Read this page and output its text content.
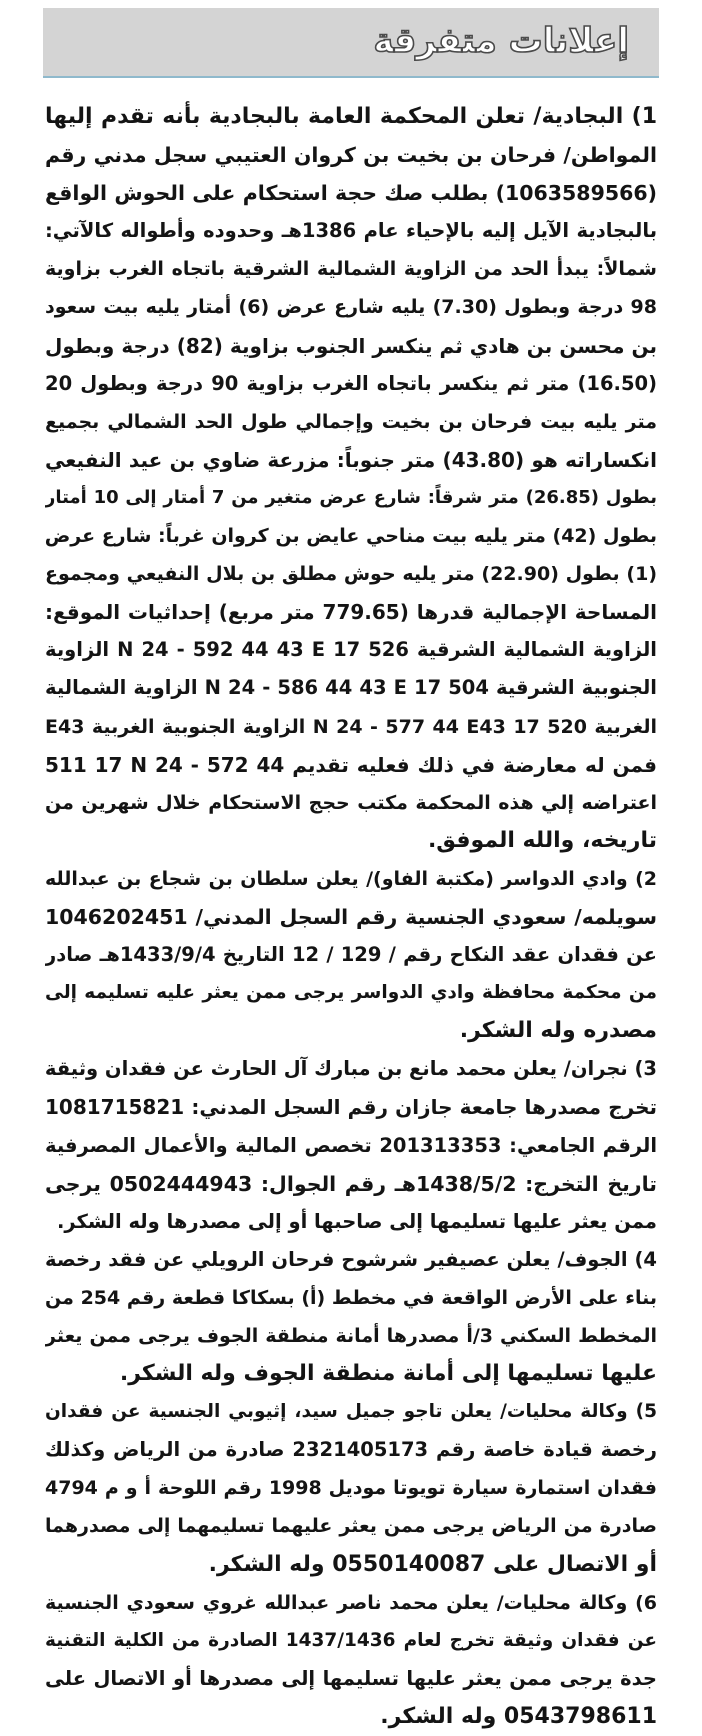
إعلانات متفرقة
1) البجادية/ تعلن المحكمة العامة بالبجادية بأنه تقدم إليها
المواطن/ فرحان بن بخيت بن كروان العتيبي سجل مدني رقم
(1063589566) بطلب صك حجة استحكام على الحوش الواقع
بالبجادية الآيل إليه بالإحياء عام 1386هـ وحدوده وأطواله كالآتي:
شمالاً: يبدأ الحد من الزاوية الشمالية الشرقية باتجاه الغرب بزاوية
98 درجة وبطول (7.30) يليه شارع عرض (6) أمتار يليه بيت سعود
بن محسن بن هادي ثم ينكسر الجنوب بزاوية (82) درجة وبطول
(16.50) متر ثم ينكسر باتجاه الغرب بزاوية 90 درجة وبطول 20
متر يليه بيت فرحان بن بخيت وإجمالي طول الحد الشمالي بجميع
انكساراته هو (43.80) متر جنوباً: مزرعة ضاوي بن عيد النفيعي
بطول (26.85) متر شرقاً: شارع عرض متغير من 7 أمتار إلى 10 أمتار
بطول (42) متر يليه بيت مناحي عايض بن كروان غرباً: شارع عرض
(1) بطول (22.90) متر يليه حوش مطلق بن بلال النفيعي ومجموع
المساحة الإجمالية قدرها (779.65 متر مربع) إحداثيات الموقع:
الزاوية الشمالية الشرقية 526 17 N 24 - 592 44 43 E الزاوية
الجنوبية الشرقية 504 17 N 24 - 586 44 43 E الزاوية الشمالية
الغربية 520 17 N 24 - 577 44 E43 الزاوية الجنوبية الغربية E43
511 17 N 24 - 572 44 فمن له معارضة في ذلك فعليه تقديم
اعتراضه إلي هذه المحكمة مكتب حجج الاستحكام خلال شهرين من
تاريخه، والله الموفق.
2) وادي الدواسر (مكتبة الفاو)/ يعلن سلطان بن شجاع بن عبدالله
سويلمه/ سعودي الجنسية رقم السجل المدني/ 1046202451
عن فقدان عقد النكاح رقم / 129 / 12 التاريخ 1433/9/4هـ صادر
من محكمة محافظة وادي الدواسر يرجى ممن يعثر عليه تسليمه إلى
مصدره وله الشكر.
3) نجران/ يعلن محمد مانع بن مبارك آل الحارث عن فقدان وثيقة
تخرج مصدرها جامعة جازان رقم السجل المدني: 1081715821
الرقم الجامعي: 201313353 تخصص المالية والأعمال المصرفية
تاريخ التخرج: 1438/5/2هـ رقم الجوال: 0502444943 يرجى
ممن يعثر عليها تسليمها إلى صاحبها أو إلى مصدرها وله الشكر.
4) الجوف/ يعلن عصيفير شرشوح فرحان الرويلي عن فقد رخصة
بناء على الأرض الواقعة في مخطط (أ) بسكاكا قطعة رقم 254 من
المخطط السكني 3/أ مصدرها أمانة منطقة الجوف يرجى ممن يعثر
عليها تسليمها إلى أمانة منطقة الجوف وله الشكر.
5) وكالة محليات/ يعلن تاجو جميل سيد، إثيوبي الجنسية عن فقدان
رخصة قيادة خاصة رقم 2321405173 صادرة من الرياض وكذلك
فقدان استمارة سيارة تويوتا موديل 1998 رقم اللوحة أ و م 4794
صادرة من الرياض يرجى ممن يعثر عليهما تسليمهما إلى مصدرهما
أو الاتصال على 0550140087 وله الشكر.
6) وكالة محليات/ يعلن محمد ناصر عبدالله غروي سعودي الجنسية
عن فقدان وثيقة تخرج لعام 1437/1436 الصادرة من الكلية التقنية
جدة يرجى ممن يعثر عليها تسليمها إلى مصدرها أو الاتصال على
0543798611 وله الشكر.
